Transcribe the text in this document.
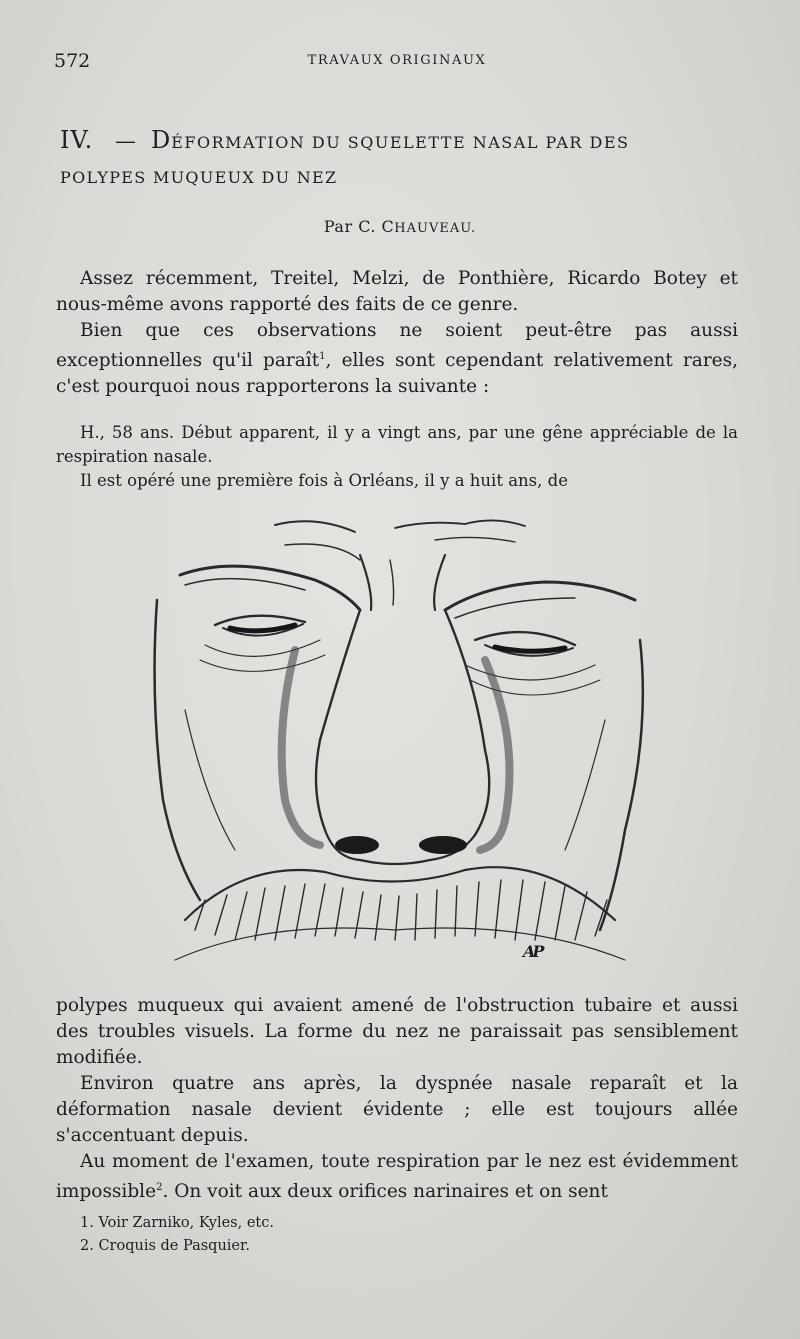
572	TRAVAUX ORIGINAUX
IV. — DÉFORMATION DU SQUELETTE NASAL PAR DES
POLYPES MUQUEUX DU NEZ
Par C. CHAUVEAU.

Assez récemment, Treitel, Melzi, de Ponthière, Ricardo Botey et nous-même avons rapporté des faits de ce genre.

Bien que ces observations ne soient peut-être pas aussi exceptionnelles qu'il paraît$^1$, elles sont cependant relativement rares, c'est pourquoi nous rapporterons la suivante :

H., 58 ans. Début apparent, il y a vingt ans, par une gêne appréciable de la respiration nasale.

Il est opéré une première fois à Orléans, il y a huit ans, de

AP

polypes muqueux qui avaient amené de l'obstruction tubaire et aussi des troubles visuels. La forme du nez ne paraissait pas sensiblement modifiée.

Environ quatre ans après, la dyspnée nasale reparaît et la déformation nasale devient évidente ; elle est toujours allée s'accentuant depuis.

Au moment de l'examen, toute respiration par le nez est évidemment impossible$^2$. On voit aux deux orifices narinaires et on sent

1. Voir Zarniko, Kyles, etc.
2. Croquis de Pasquier.
